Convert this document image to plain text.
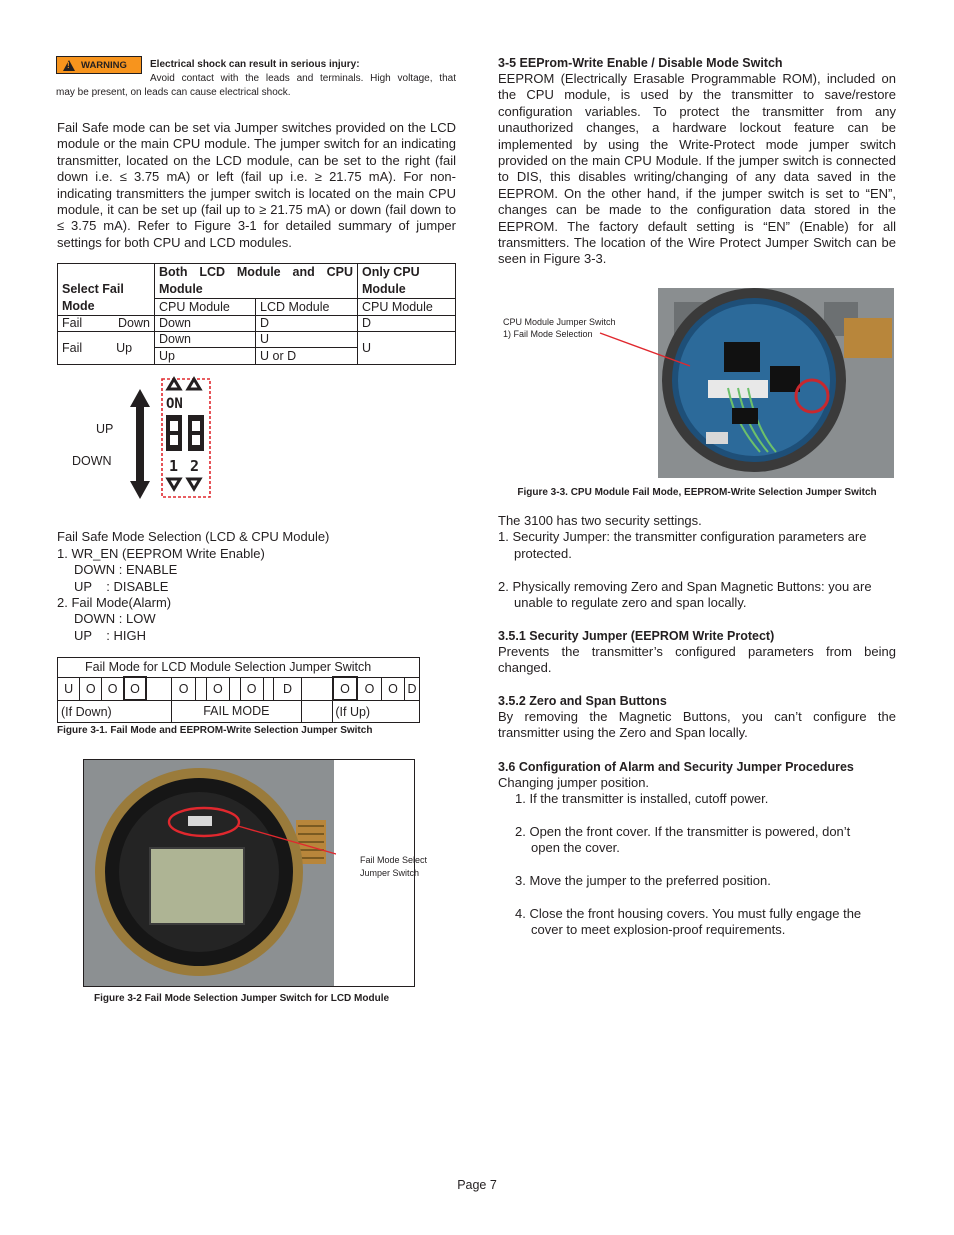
!
WARNING Electrical shock can result in serious injury:
Avoid contact with the leads and terminals. High voltage, that
may be present, on leads can cause electrical shock.

Fail Safe mode can be set via Jumper switches provided on the LCD module or the main CPU module. The jumper switch for an indicating transmitter, located on the LCD module, can be set to the right (fail down i.e. ≤ 3.75 mA) or left (fail up i.e. ≥ 21.75 mA). For non-indicating transmitters the jumper switch is located on the main CPU module, it can be set up (fail up to ≥ 21.75 mA) or down (fail down to ≤ 3.75 mA). Refer to Figure 3-1 for detailed summary of jumper settings for both CPU and LCD modules.

Select Fail Mode	Both LCD Module and CPU Module		Only CPU Module
	CPU Module	LCD Module	CPU Module
Fail Down	Down	D	D
Fail Up	Down	U	U
	Up	U or D	
UP
DOWN
ON
1 2
Fail Safe Mode Selection (LCD & CPU Module)
1. WR_EN (EEPROM Write Enable)
DOWN : ENABLE
UP    : DISABLE
2. Fail Mode(Alarm)
DOWN : LOW
UP    : HIGH
Fail Mode for LCD Module Selection Jumper Switch																
U	O	O	O		O		O		O		D		O	O	O	D
(If Down)					FAIL MODE								(If Up)			
Figure 3-1. Fail Mode and EEPROM-Write Selection Jumper Switch
Fail Mode Select
Jumper Switch
Figure 3-2 Fail Mode Selection Jumper Switch for LCD Module
3-5 EEProm-Write Enable / Disable Mode Switch

EEPROM (Electrically Erasable Programmable ROM), included on the CPU module, is used by the transmitter to save/restore configuration variables. To protect the transmitter from any unauthorized changes, a hardware lockout feature can be implemented by using the Write-Protect mode jumper switch provided on the main CPU Module. If the jumper switch is connected to DIS, this disables writing/changing of any data saved in the EEPROM. On the other hand, if the jumper switch is set to “EN”, changes can be made to the configuration data stored in the EEPROM. The factory default setting is “EN” (Enable) for all transmitters. The location of the Wire Protect Jumper Switch can be seen in Figure 3-3.

CPU Module Jumper Switch
1) Fail Mode Selection
Figure 3-3. CPU Module Fail Mode, EEPROM-Write Selection Jumper Switch
The 3100 has two security settings.
1. Security Jumper: the transmitter configuration parameters are
protected.
2. Physically removing Zero and Span Magnetic Buttons: you are
unable to regulate zero and span locally.
3.5.1 Security Jumper (EEPROM Write Protect)

Prevents the transmitter’s configured parameters from being changed.

3.5.2 Zero and Span Buttons

By removing the Magnetic Buttons, you can’t configure the transmitter using the Zero and Span locally.

3.6 Configuration of Alarm and Security Jumper Procedures
Changing jumper position.
1. If the transmitter is installed, cutoff power.
2. Open the front cover. If the transmitter is powered, don’t
open the cover.
3. Move the jumper to the preferred position.
4. Close the front housing covers. You must fully engage the
cover to meet explosion-proof requirements.
Page 7
